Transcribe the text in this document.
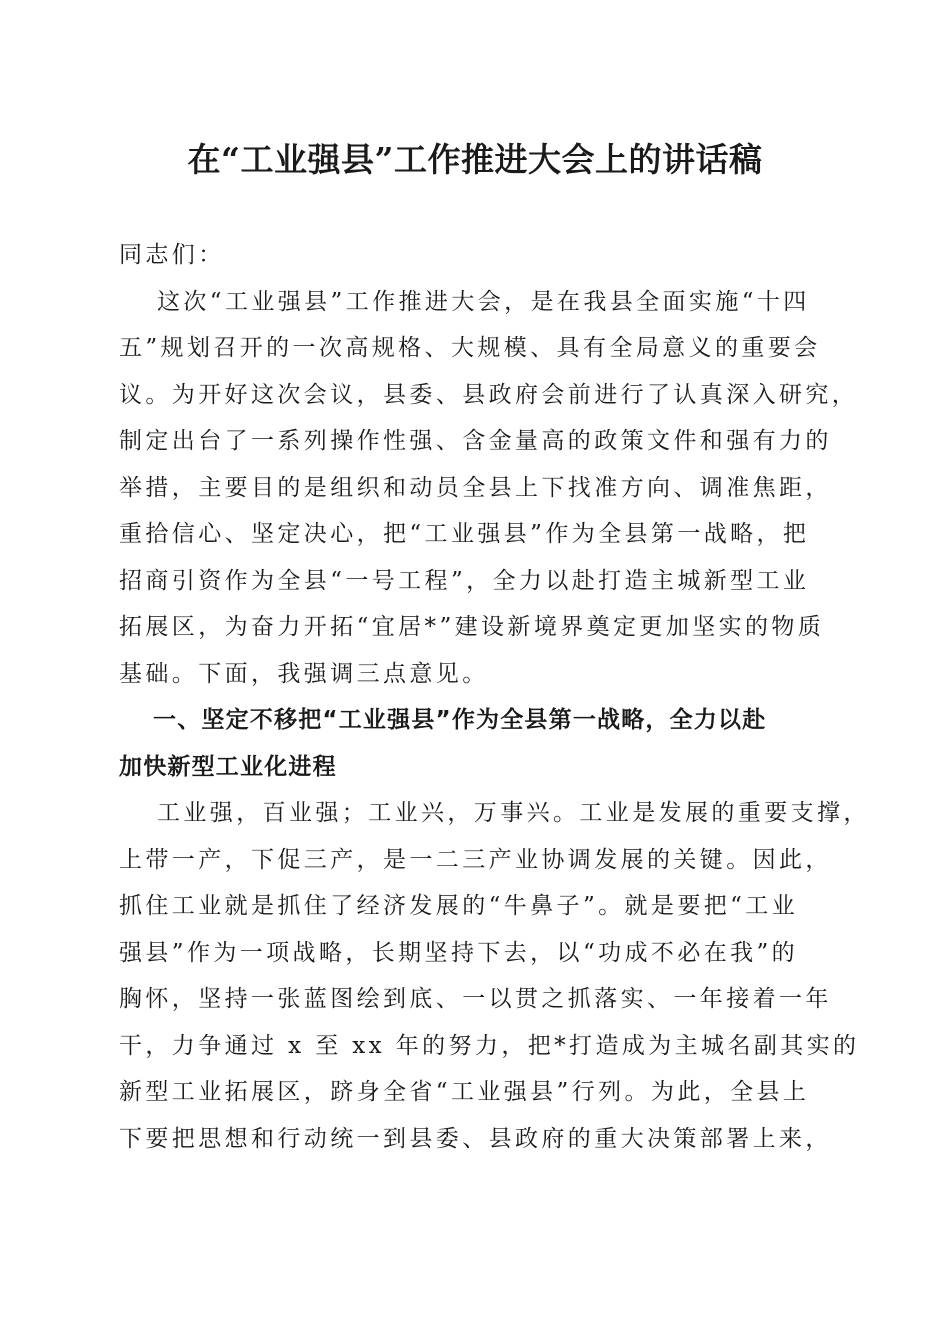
在“工业强县”工作推进大会上的讲话稿
同志们：
这次“工业强县”工作推进大会，是在我县全面实施“十四
五”规划召开的一次高规格、大规模、具有全局意义的重要会
议。为开好这次会议，县委、县政府会前进行了认真深入研究，
制定出台了一系列操作性强、含金量高的政策文件和强有力的
举措，主要目的是组织和动员全县上下找准方向、调准焦距，
重拾信心、坚定决心，把“工业强县”作为全县第一战略，把
招商引资作为全县“一号工程”，全力以赴打造主城新型工业
拓展区，为奋力开拓“宜居*”建设新境界奠定更加坚实的物质
基础。下面，我强调三点意见。
一、坚定不移把“工业强县”作为全县第一战略，全力以赴
加快新型工业化进程
工业强，百业强；工业兴，万事兴。工业是发展的重要支撑，
上带一产，下促三产，是一二三产业协调发展的关键。因此，
抓住工业就是抓住了经济发展的“牛鼻子”。就是要把“工业
强县”作为一项战略，长期坚持下去，以“功成不必在我”的
胸怀，坚持一张蓝图绘到底、一以贯之抓落实、一年接着一年
干，力争通过 x 至 xx 年的努力，把*打造成为主城名副其实的
新型工业拓展区，跻身全省“工业强县”行列。为此，全县上
下要把思想和行动统一到县委、县政府的重大决策部署上来，
